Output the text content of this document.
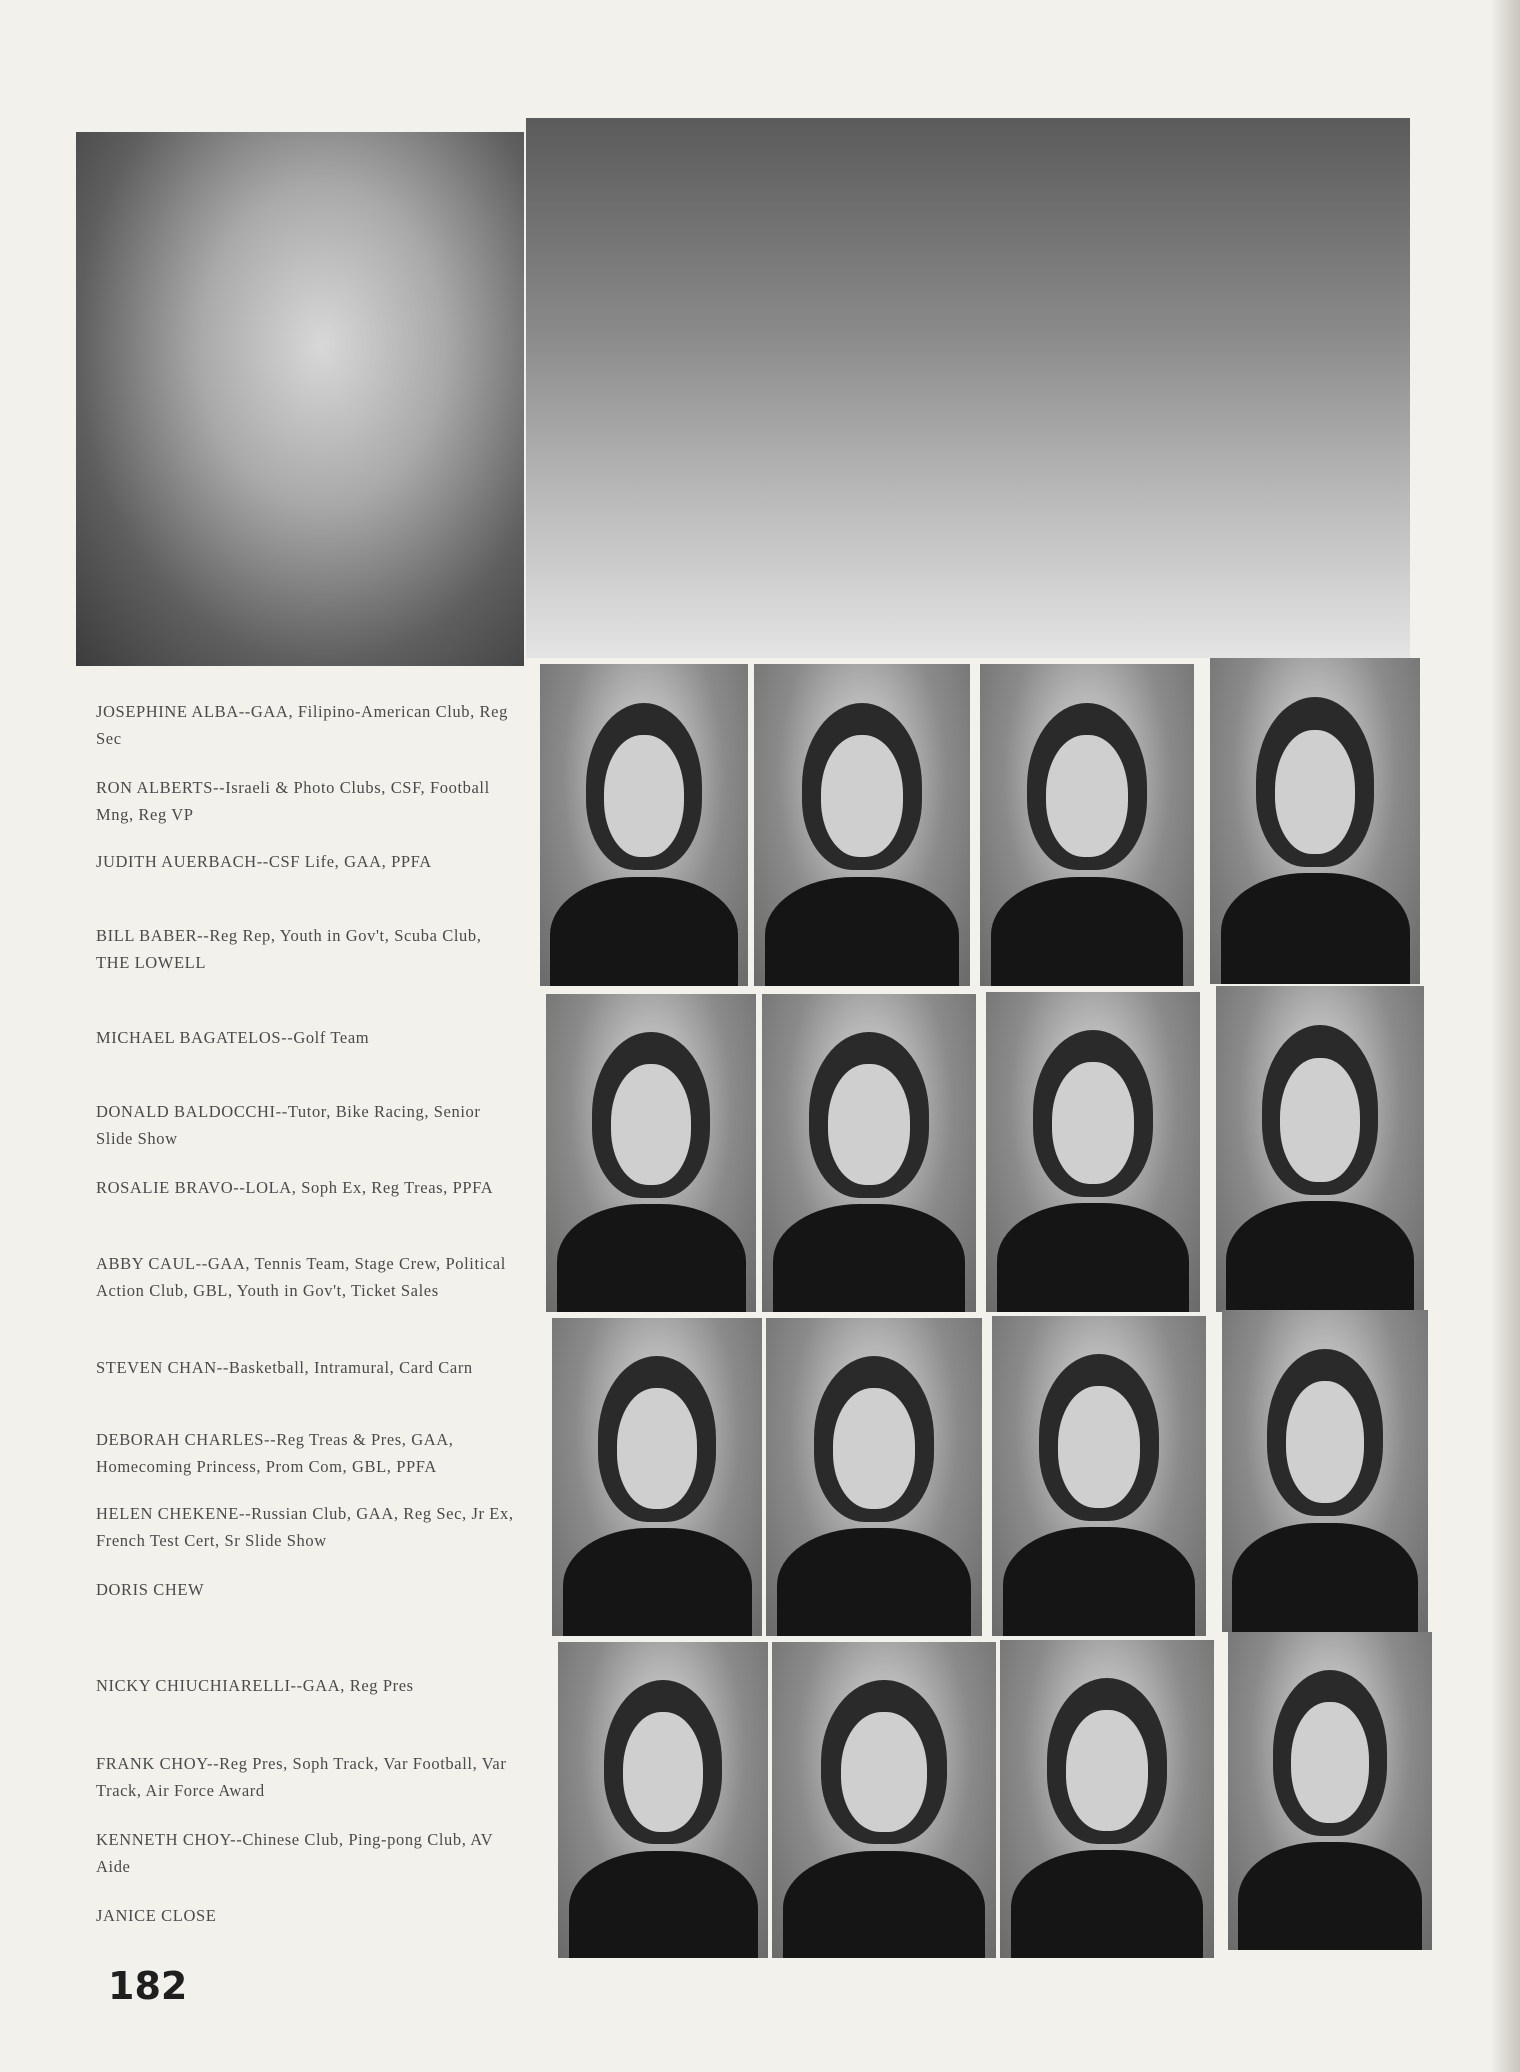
JOSEPHINE ALBA--GAA, Filipino-American Club, Reg Sec
RON ALBERTS--Israeli & Photo Clubs, CSF, Football Mng, Reg VP
JUDITH AUERBACH--CSF Life, GAA, PPFA
BILL BABER--Reg Rep, Youth in Gov't, Scuba Club, THE LOWELL
MICHAEL BAGATELOS--Golf Team
DONALD BALDOCCHI--Tutor, Bike Racing, Senior Slide Show
ROSALIE BRAVO--LOLA, Soph Ex, Reg Treas, PPFA
ABBY CAUL--GAA, Tennis Team, Stage Crew, Political Action Club, GBL, Youth in Gov't, Ticket Sales
STEVEN CHAN--Basketball, Intramural, Card Carn
DEBORAH CHARLES--Reg Treas & Pres, GAA, Homecoming Princess, Prom Com, GBL, PPFA
HELEN CHEKENE--Russian Club, GAA, Reg Sec, Jr Ex, French Test Cert, Sr Slide Show
DORIS CHEW
NICKY CHIUCHIARELLI--GAA, Reg Pres
FRANK CHOY--Reg Pres, Soph Track, Var Football, Var Track, Air Force Award
KENNETH CHOY--Chinese Club, Ping-pong Club, AV Aide
JANICE CLOSE
182
